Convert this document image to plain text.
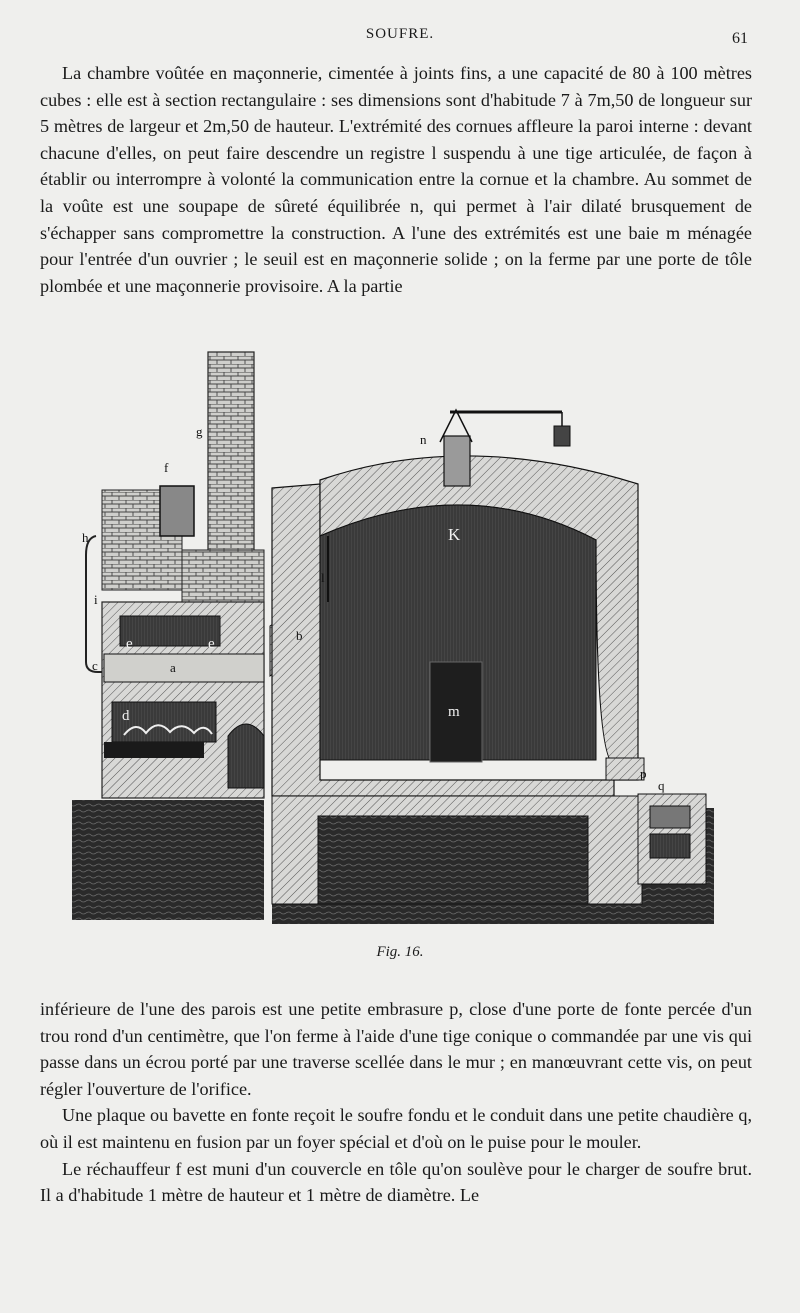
SOUFRE.	61

La chambre voûtée en maçonnerie, cimentée à joints fins, a une capacité de 80 à 100 mètres cubes : elle est à section rectangulaire : ses dimensions sont d'habitude 7 à 7m,50 de longueur sur 5 mètres de largeur et 2m,50 de hauteur. L'extrémité des cornues affleure la paroi interne : devant chacune d'elles, on peut faire descendre un registre l suspendu à une tige articulée, de façon à établir ou interrompre à volonté la communication entre la cornue et la chambre. Au sommet de la voûte est une soupape de sûreté équilibrée n, qui permet à l'air dilaté brusquement de s'échapper sans compromettre la construction. A l'une des extrémités est une baie m ménagée pour l'entrée d'un ouvrier ; le seuil est en maçonnerie solide ; on la ferme par une porte de tôle plombée et une maçonnerie provisoire. A la partie

g
f
h
i
c
e	e
a
d
b
l
n
K
m
p
q
Fig. 16.

inférieure de l'une des parois est une petite embrasure p, close d'une porte de fonte percée d'un trou rond d'un centimètre, que l'on ferme à l'aide d'une tige conique o commandée par une vis qui passe dans un écrou porté par une traverse scellée dans le mur ; en manœuvrant cette vis, on peut régler l'ouverture de l'orifice.

Une plaque ou bavette en fonte reçoit le soufre fondu et le conduit dans une petite chaudière q, où il est maintenu en fusion par un foyer spécial et d'où on le puise pour le mouler.

Le réchauffeur f est muni d'un couvercle en tôle qu'on soulève pour le charger de soufre brut. Il a d'habitude 1 mètre de hauteur et 1 mètre de diamètre. Le
